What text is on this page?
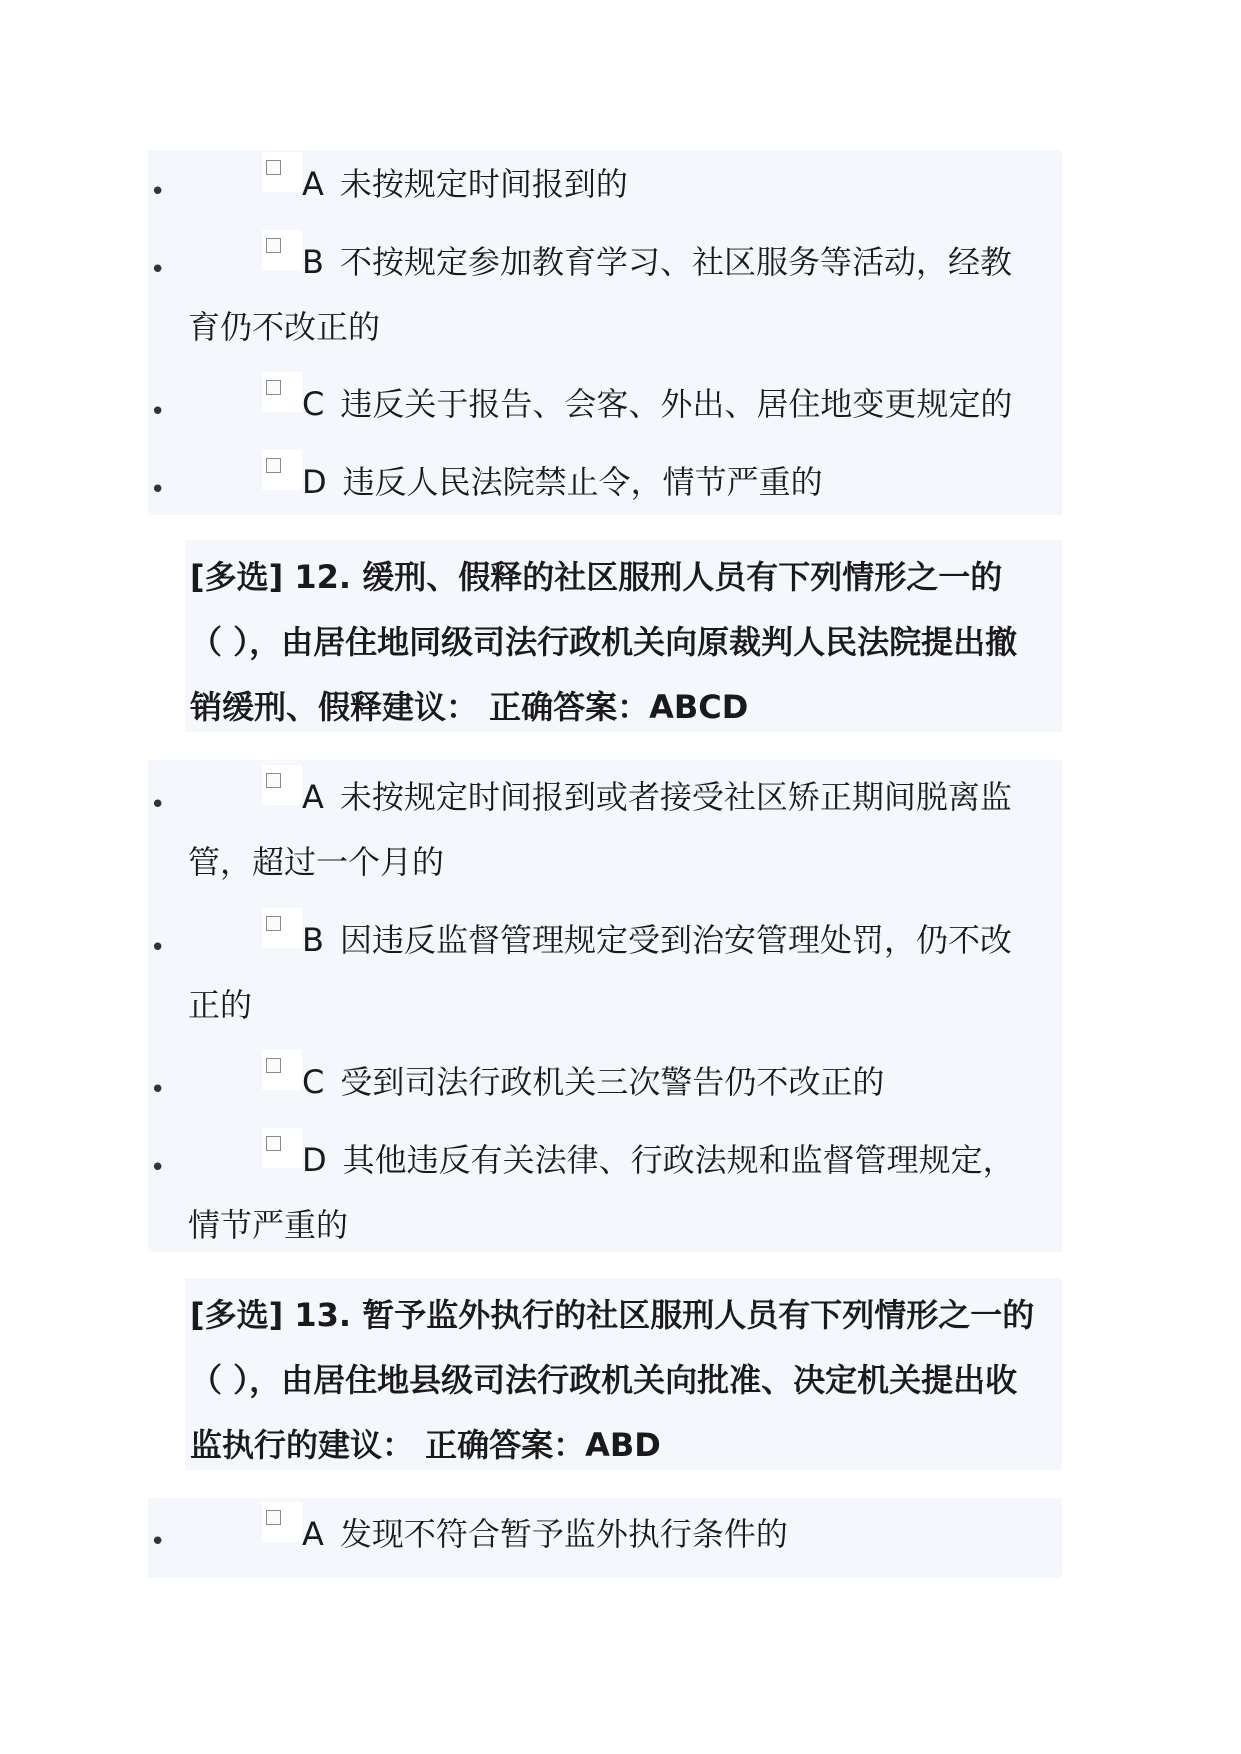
•	A 未按规定时间报到的
•	B 不按规定参加教育学习、社区服务等活动，经教
育仍不改正的
•	C 违反关于报告、会客、外出、居住地变更规定的
•	D 违反人民法院禁止令，情节严重的
[多选] 12. 缓刑、假释的社区服刑人员有下列情形之一的
（ ），由居住地同级司法行政机关向原裁判人民法院提出撤
销缓刑、假释建议： 正确答案：ABCD
•	A 未按规定时间报到或者接受社区矫正期间脱离监
管，超过一个月的
•	B 因违反监督管理规定受到治安管理处罚，仍不改
正的
•	C 受到司法行政机关三次警告仍不改正的
•	D 其他违反有关法律、行政法规和监督管理规定，
情节严重的
[多选] 13. 暂予监外执行的社区服刑人员有下列情形之一的
（ ），由居住地县级司法行政机关向批准、决定机关提出收
监执行的建议： 正确答案：ABD
•	A 发现不符合暂予监外执行条件的
